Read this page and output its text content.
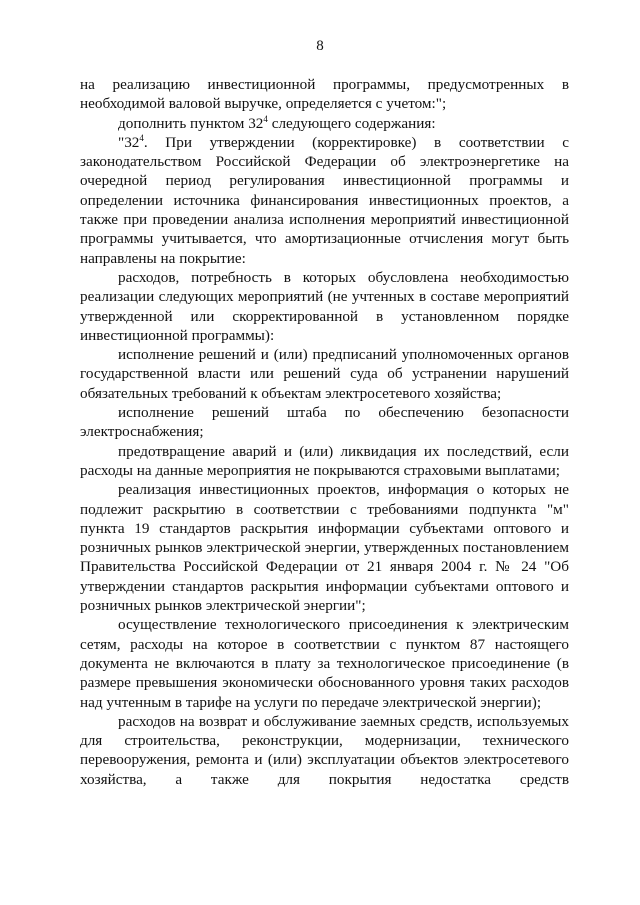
8

на реализацию инвестиционной программы, предусмотренных в необходимой валовой выручке, определяется с учетом:";

дополнить пунктом $32^4$ следующего содержания:

"$32^4$. При утверждении (корректировке) в соответствии с законодательством Российской Федерации об электроэнергетике на очередной период регулирования инвестиционной программы и определении источника финансирования инвестиционных проектов, а также при проведении анализа исполнения мероприятий инвестиционной программы учитывается, что амортизационные отчисления могут быть направлены на покрытие:

расходов, потребность в которых обусловлена необходимостью реализации следующих мероприятий (не учтенных в составе мероприятий утвержденной или скорректированной в установленном порядке инвестиционной программы):

исполнение решений и (или) предписаний уполномоченных органов государственной власти или решений суда об устранении нарушений обязательных требований к объектам электросетевого хозяйства;

исполнение решений штаба по обеспечению безопасности электроснабжения;

предотвращение аварий и (или) ликвидация их последствий, если расходы на данные мероприятия не покрываются страховыми выплатами;

реализация инвестиционных проектов, информация о которых не подлежит раскрытию в соответствии с требованиями подпункта "м" пункта 19 стандартов раскрытия информации субъектами оптового и розничных рынков электрической энергии, утвержденных постановлением Правительства Российской Федерации от 21 января 2004 г. № 24 "Об утверждении стандартов раскрытия информации субъектами оптового и розничных рынков электрической энергии";

осуществление технологического присоединения к электрическим сетям, расходы на которое в соответствии с пунктом 87 настоящего документа не включаются в плату за технологическое присоединение (в размере превышения экономически обоснованного уровня таких расходов над учтенным в тарифе на услуги по передаче электрической энергии);

расходов на возврат и обслуживание заемных средств, используемых для строительства, реконструкции, модернизации, технического перевооружения, ремонта и (или) эксплуатации объектов электросетевого хозяйства, а также для покрытия недостатка средств
